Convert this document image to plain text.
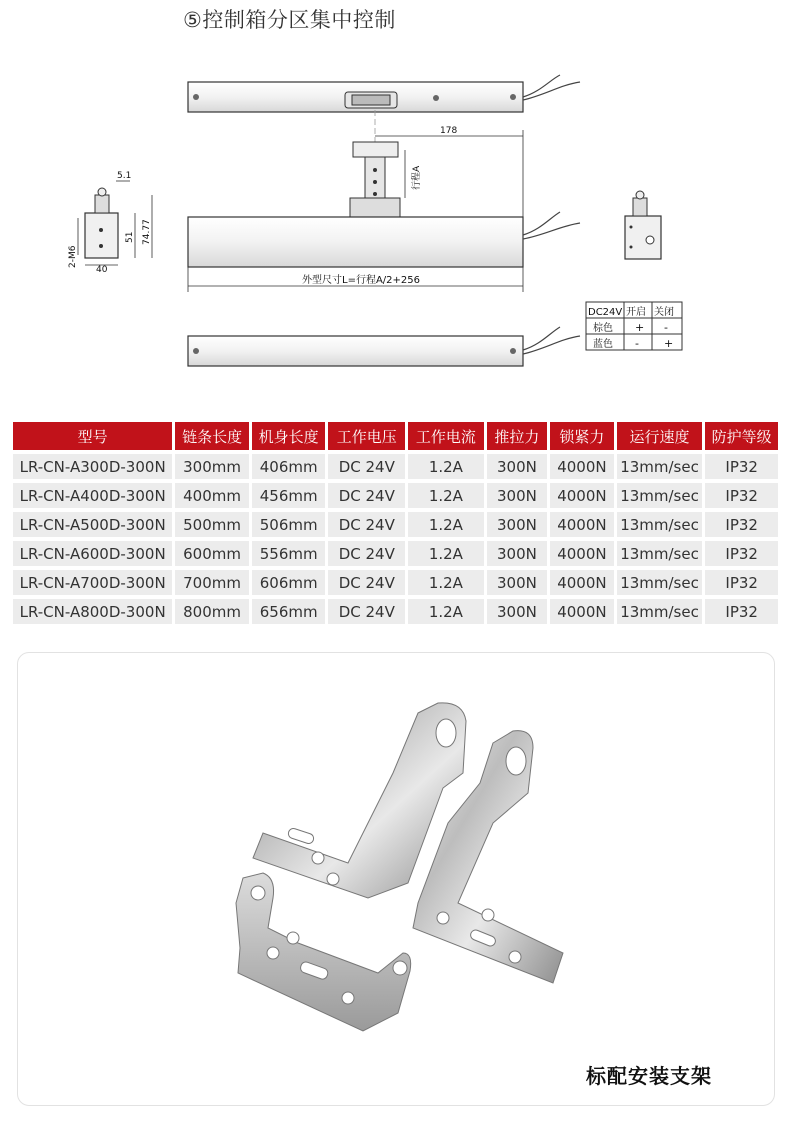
⑤控制箱分区集中控制
178
行程A
外型尺寸L=行程A/2+256
5.1
40
51 74.77
2-M6
DC24V 开启 关闭
棕色 + -
蓝色 - +
型号	链条长度	机身长度	工作电压	工作电流	推拉力	锁紧力	运行速度	防护等级
LR-CN-A300D-300N	300mm	406mm	DC 24V	1.2A	300N	4000N	13mm/sec	IP32
LR-CN-A400D-300N	400mm	456mm	DC 24V	1.2A	300N	4000N	13mm/sec	IP32
LR-CN-A500D-300N	500mm	506mm	DC 24V	1.2A	300N	4000N	13mm/sec	IP32
LR-CN-A600D-300N	600mm	556mm	DC 24V	1.2A	300N	4000N	13mm/sec	IP32
LR-CN-A700D-300N	700mm	606mm	DC 24V	1.2A	300N	4000N	13mm/sec	IP32
LR-CN-A800D-300N	800mm	656mm	DC 24V	1.2A	300N	4000N	13mm/sec	IP32
标配安装支架
